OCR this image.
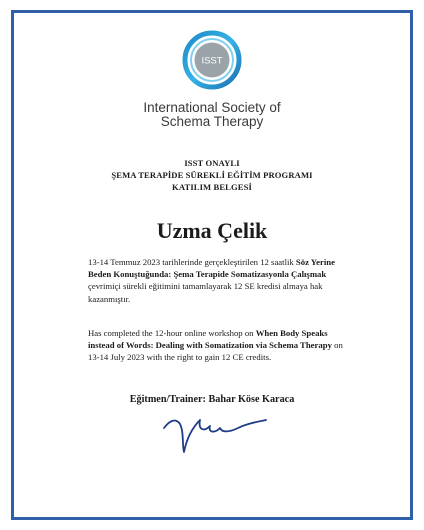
ISST
International Society of
Schema Therapy
ISST ONAYLI
ŞEMA TERAPİDE SÜREKLİ EĞİTİM PROGRAMI
KATILIM BELGESİ
Uzma Çelik
13-14 Temmuz 2023 tarihlerinde gerçekleştirilen 12 saatlik Söz Yerine Beden Konuştuğunda: Şema Terapide Somatizasyonla Çalışmak çevrimiçi sürekli eğitimini tamamlayarak 12 SE kredisi almaya hak kazanmıştır.
Has completed the 12-hour online workshop on When Body Speaks instead of Words: Dealing with Somatization via Schema Therapy on 13-14 July 2023 with the right to gain 12 CE credits.
Eğitmen/Trainer: Bahar Köse Karaca
